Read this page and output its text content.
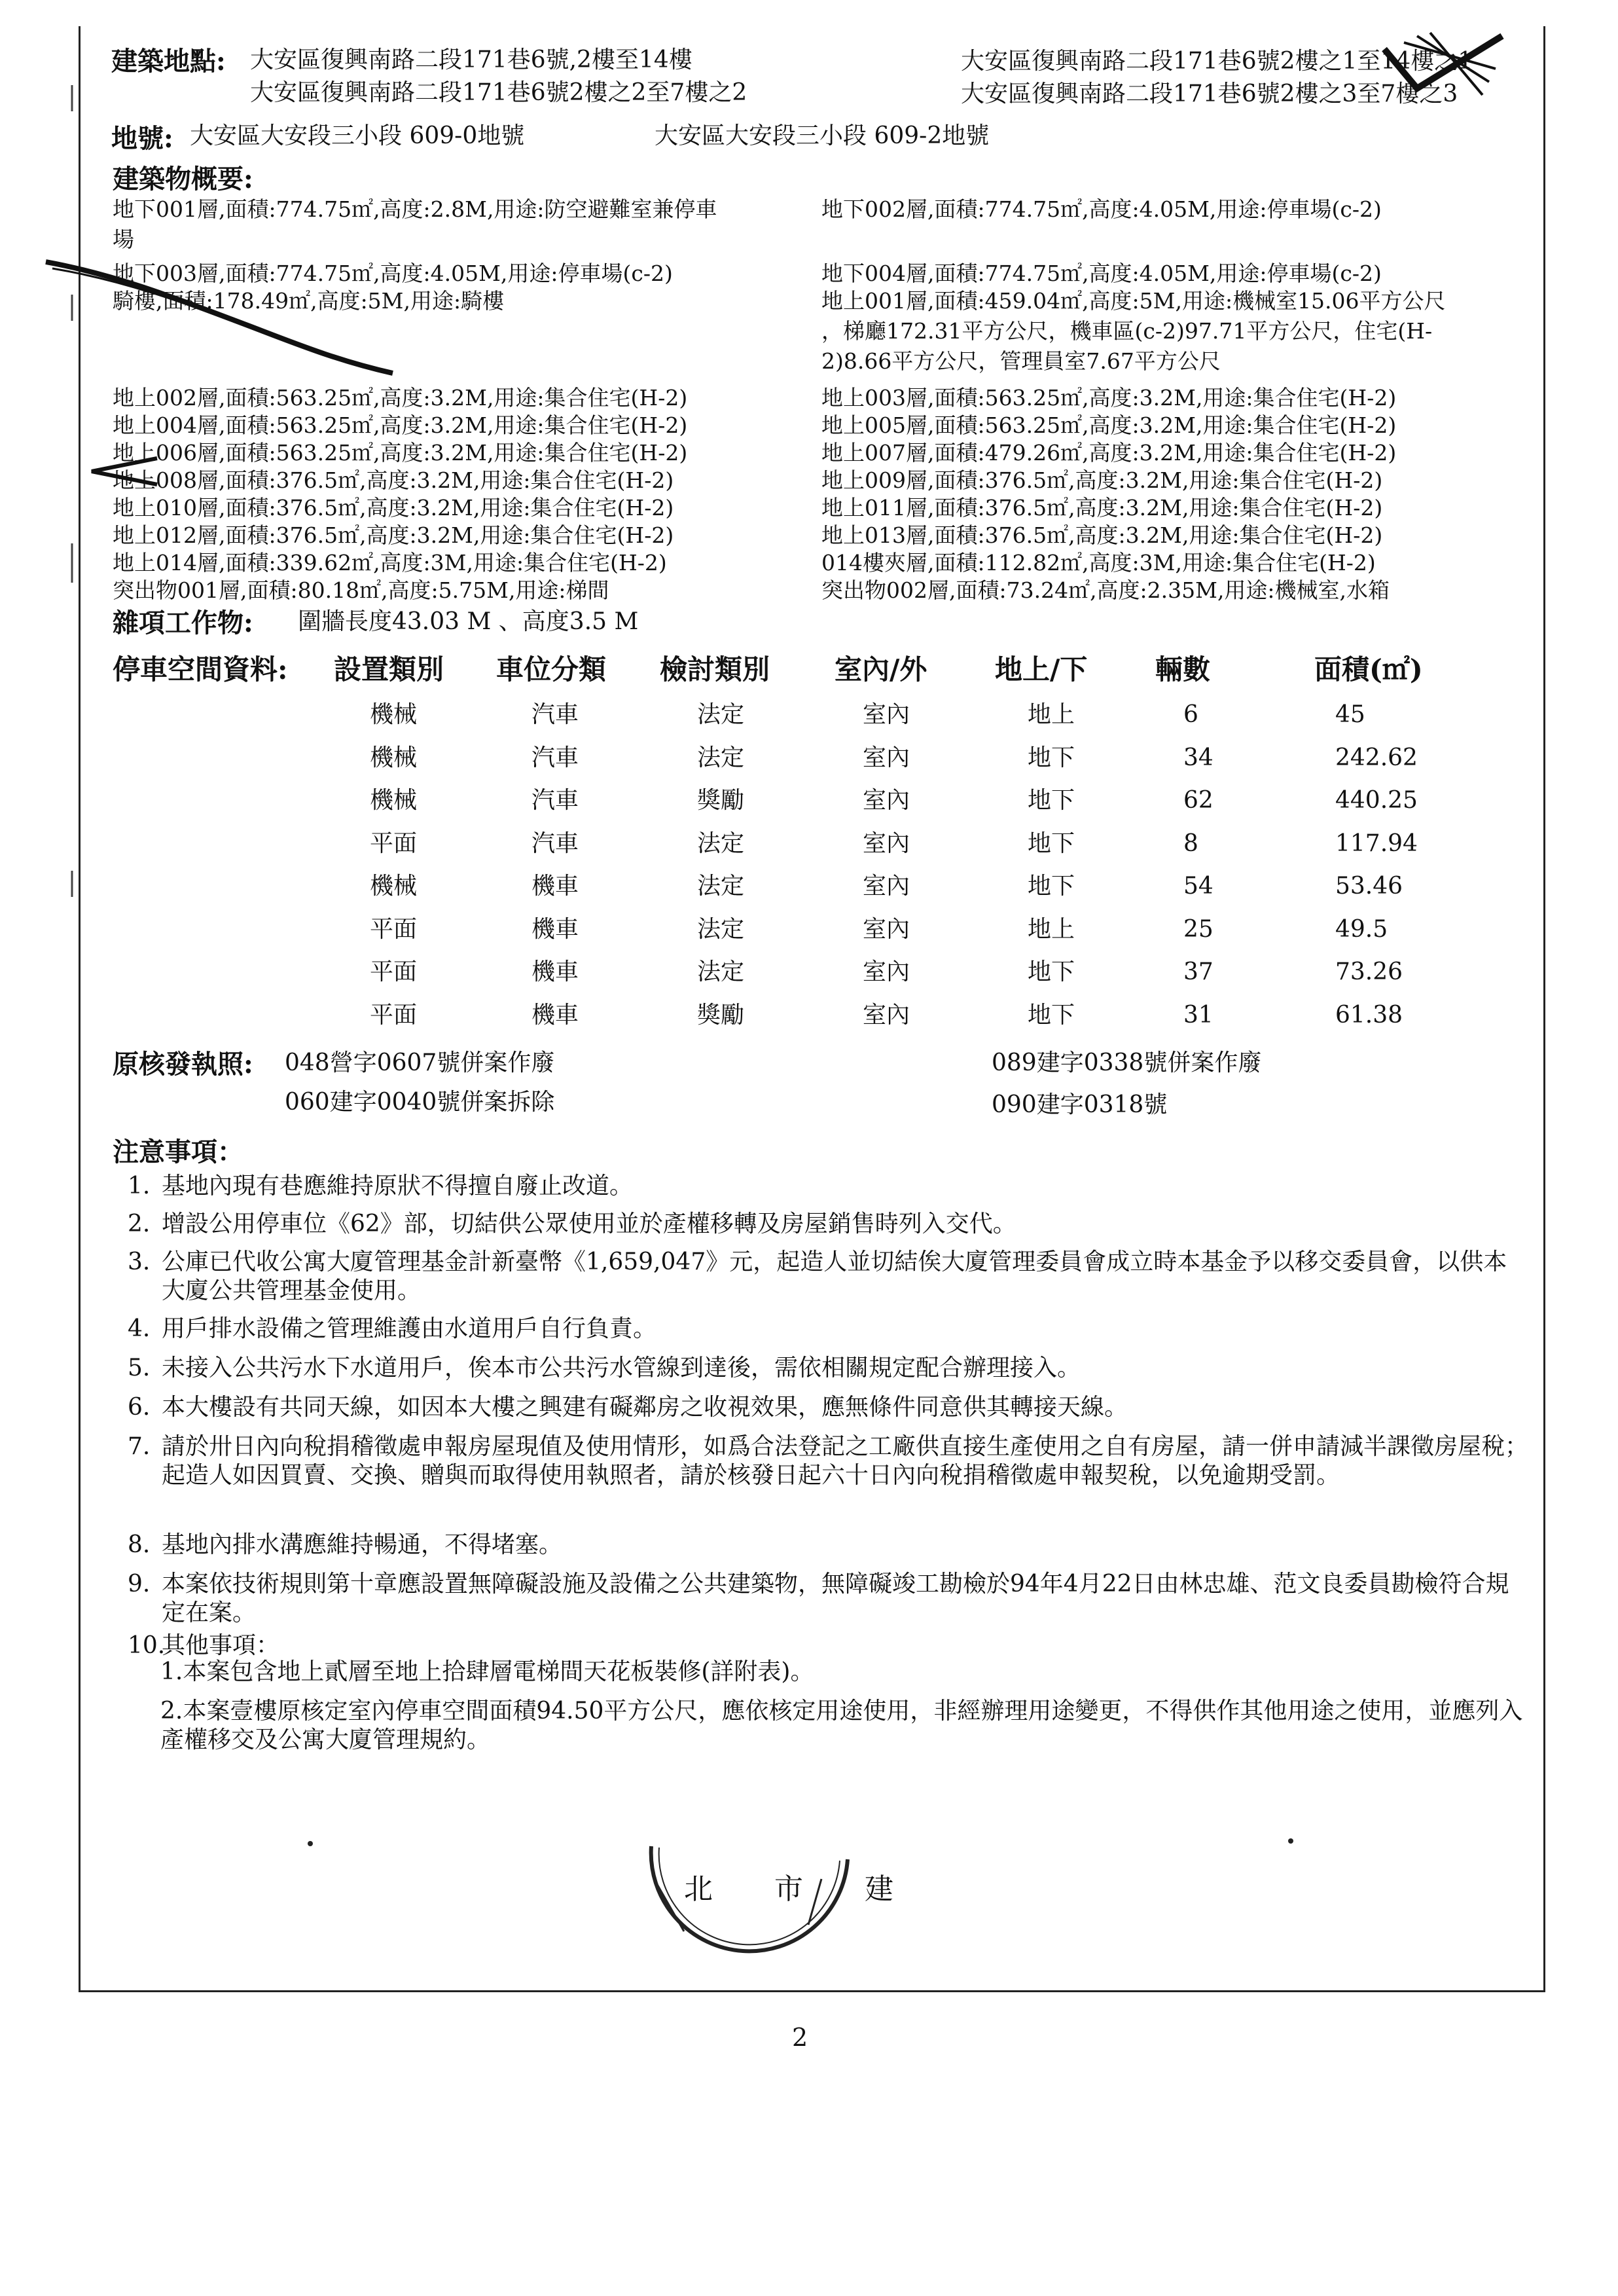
建築地點: 大安區復興南路二段171巷6號,2樓至14樓	大安區復興南路二段171巷6號2樓之1至14樓之1
大安區復興南路二段171巷6號2樓之2至7樓之2	大安區復興南路二段171巷6號2樓之3至7樓之3
地號: 大安區大安段三小段 609-0地號	大安區大安段三小段 609-2地號
建築物概要:
地下001層,面積:774.75㎡,高度:2.8M,用途:防空避難室兼停車	地下002層,面積:774.75㎡,高度:4.05M,用途:停車場(c-2)
場
地下003層,面積:774.75㎡,高度:4.05M,用途:停車場(c-2)	地下004層,面積:774.75㎡,高度:4.05M,用途:停車場(c-2)
騎樓,面積:178.49㎡,高度:5M,用途:騎樓	地上001層,面積:459.04㎡,高度:5M,用途:機械室15.06平方公尺
，梯廳172.31平方公尺，機車區(c-2)97.71平方公尺，住宅(H-
2)8.66平方公尺，管理員室7.67平方公尺
地上002層,面積:563.25㎡,高度:3.2M,用途:集合住宅(H-2)	地上003層,面積:563.25㎡,高度:3.2M,用途:集合住宅(H-2)
地上004層,面積:563.25㎡,高度:3.2M,用途:集合住宅(H-2)	地上005層,面積:563.25㎡,高度:3.2M,用途:集合住宅(H-2)
地上006層,面積:563.25㎡,高度:3.2M,用途:集合住宅(H-2)	地上007層,面積:479.26㎡,高度:3.2M,用途:集合住宅(H-2)
地上008層,面積:376.5㎡,高度:3.2M,用途:集合住宅(H-2)	地上009層,面積:376.5㎡,高度:3.2M,用途:集合住宅(H-2)
地上010層,面積:376.5㎡,高度:3.2M,用途:集合住宅(H-2)	地上011層,面積:376.5㎡,高度:3.2M,用途:集合住宅(H-2)
地上012層,面積:376.5㎡,高度:3.2M,用途:集合住宅(H-2)	地上013層,面積:376.5㎡,高度:3.2M,用途:集合住宅(H-2)
地上014層,面積:339.62㎡,高度:3M,用途:集合住宅(H-2)	014樓夾層,面積:112.82㎡,高度:3M,用途:集合住宅(H-2)
突出物001層,面積:80.18㎡,高度:5.75M,用途:梯間	突出物002層,面積:73.24㎡,高度:2.35M,用途:機械室,水箱
雜項工作物: 圍牆長度43.03 M 、高度3.5 M
停車空間資料: 設置類別 車位分類 檢討類別 室內/外 地上/下 輛數	面積(㎡)
機械	汽車	法定	室內	地上	6	45
機械	汽車	法定	室內	地下	34	242.62
機械	汽車	獎勵	室內	地下	62	440.25
平面	汽車	法定	室內	地下	8	117.94
機械	機車	法定	室內	地下	54	53.46
平面	機車	法定	室內	地上	25	49.5
平面	機車	法定	室內	地下	37	73.26
平面	機車	獎勵	室內	地下	31	61.38
原核發執照: 048營字0607號併案作廢	089建字0338號併案作廢
060建字0040號併案拆除	090建字0318號
注意事項：
1. 基地內現有巷應維持原狀不得擅自廢止改道。
2. 增設公用停車位《62》部，切結供公眾使用並於產權移轉及房屋銷售時列入交代。
3. 公庫已代收公寓大廈管理基金計新臺幣《1,659,047》元，起造人並切結俟大廈管理委員會成立時本基金予以移交委員會，以供本大廈公共管理基金使用。
4. 用戶排水設備之管理維護由水道用戶自行負責。
5. 未接入公共污水下水道用戶，俟本市公共污水管線到達後，需依相關規定配合辦理接入。
6. 本大樓設有共同天線，如因本大樓之興建有礙鄰房之收視效果，應無條件同意供其轉接天線。
7. 請於卅日內向稅捐稽徵處申報房屋現值及使用情形，如爲合法登記之工廠供直接生產使用之自有房屋，請一併申請減半課徵房屋稅；起造人如因買賣、交換、贈與而取得使用執照者，請於核發日起六十日內向稅捐稽徵處申報契稅，以免逾期受罰。
8. 基地內排水溝應維持暢通，不得堵塞。
9. 本案依技術規則第十章應設置無障礙設施及設備之公共建築物，無障礙竣工勘檢於94年4月22日由林忠雄、范文良委員勘檢符合規定在案。
10.
其他事項：
1.本案包含地上貳層至地上拾肆層電梯間天花板裝修(詳附表)。
2.本案壹樓原核定室內停車空間面積94.50平方公尺，應依核定用途使用，非經辦理用途變更，不得供作其他用途之使用，並應列入產權移交及公寓大廈管理規約。
北 市 建
2
